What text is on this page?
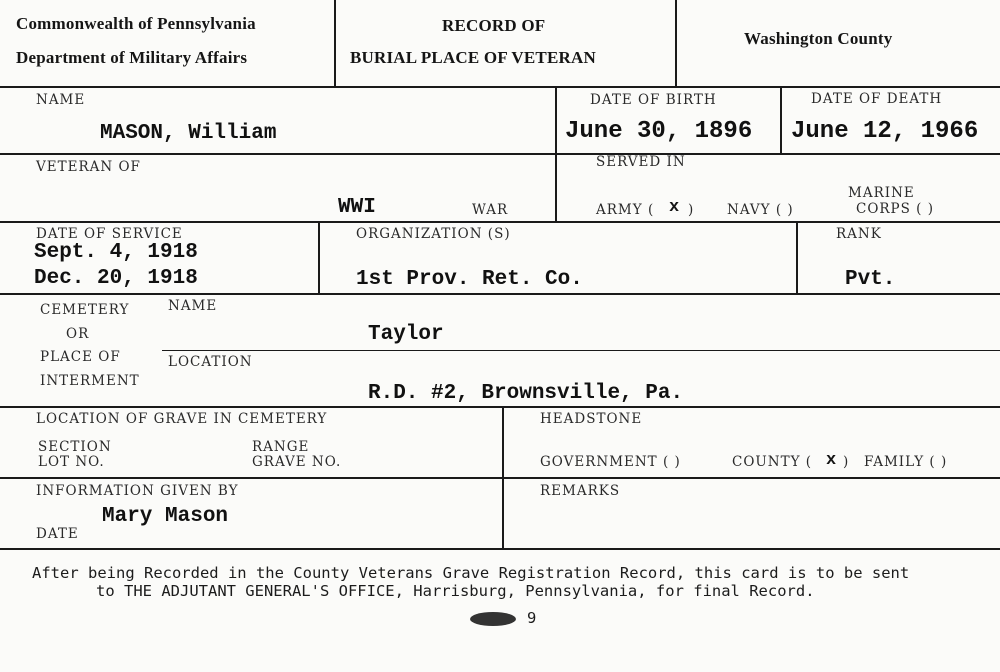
Commonwealth of Pennsylvania
Department of Military Affairs
RECORD OF
BURIAL PLACE OF VETERAN
Washington County
NAME
MASON, William
DATE OF BIRTH
June 30, 1896
DATE OF DEATH
June 12, 1966
VETERAN OF
WWI	WAR
SERVED IN
ARMY ( x ) NAVY ( )
MARINE
CORPS ( )
DATE OF SERVICE
Sept. 4, 1918
Dec. 20, 1918
ORGANIZATION (S)
1st Prov. Ret. Co.
RANK
Pvt.
CEMETERY
OR
PLACE OF
INTERMENT
NAME
Taylor
LOCATION
R.D. #2, Brownsville, Pa.
LOCATION OF GRAVE IN CEMETERY
SECTION
LOT NO.
RANGE
GRAVE NO.
HEADSTONE
GOVERNMENT ( )	COUNTY ( x ) FAMILY ( )
INFORMATION GIVEN BY
Mary Mason
DATE
REMARKS
After being Recorded in the County Veterans Grave Registration Record, this card is to be sent
to THE ADJUTANT GENERAL'S OFFICE, Harrisburg, Pennsylvania, for final Record.
9
